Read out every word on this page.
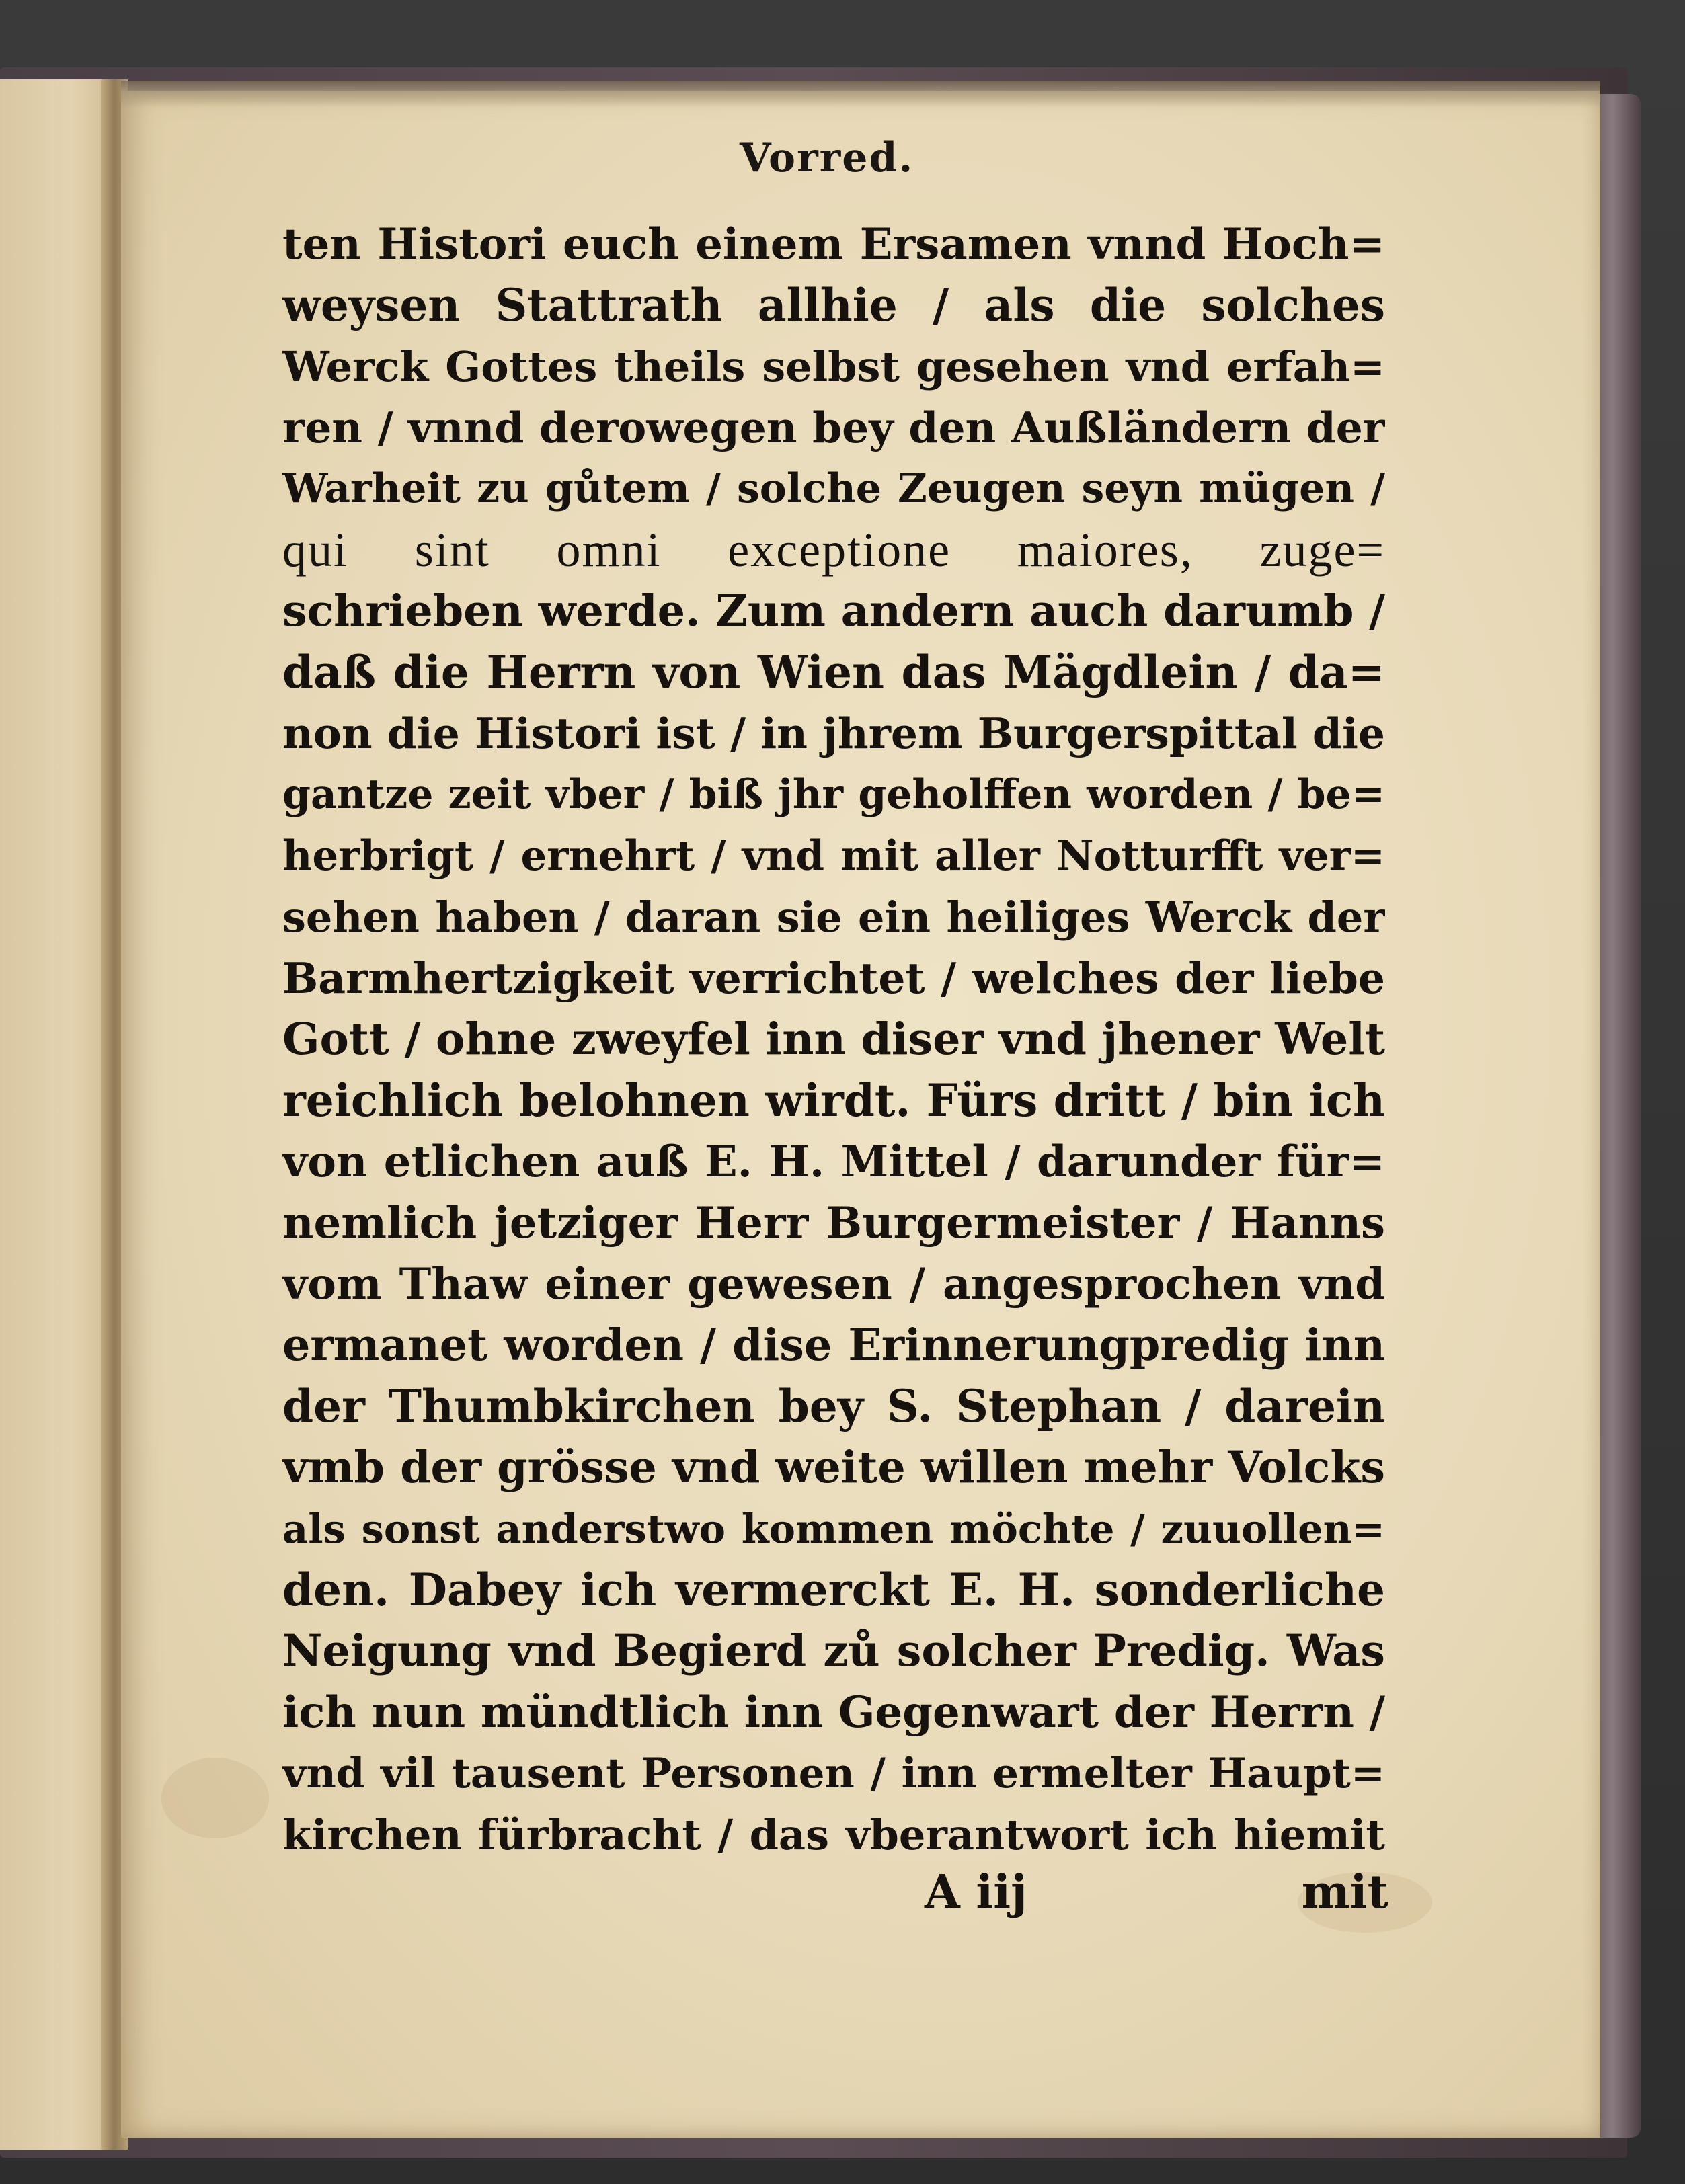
Vorred.
ten Histori euch einem Ersamen vnnd Hoch=
weysen Stattrath allhie / als die solches
Werck Gottes theils selbst gesehen vnd erfah=
ren / vnnd derowegen bey den Außländern der
Warheit zu gůtem / solche Zeugen seyn mügen /
qui sint omni exceptione maiores, zuge=
schrieben werde. Zum andern auch darumb /
daß die Herrn von Wien das Mägdlein / da=
non die Histori ist / in jhrem Burgerspittal die
gantze zeit vber / biß jhr geholffen worden / be=
herbrigt / ernehrt / vnd mit aller Notturfft ver=
sehen haben / daran sie ein heiliges Werck der
Barmhertzigkeit verrichtet / welches der liebe
Gott / ohne zweyfel inn diser vnd jhener Welt
reichlich belohnen wirdt. Fürs dritt / bin ich
von etlichen auß E. H. Mittel / darunder für=
nemlich jetziger Herr Burgermeister / Hanns
vom Thaw einer gewesen / angesprochen vnd
ermanet worden / dise Erinnerungpredig inn
der Thumbkirchen bey S. Stephan / darein
vmb der grösse vnd weite willen mehr Volcks
als sonst anderstwo kommen möchte / zuuollen=
den. Dabey ich vermerckt E. H. sonderliche
Neigung vnd Begierd zů solcher Predig. Was
ich nun mündtlich inn Gegenwart der Herrn /
vnd vil tausent Personen / inn ermelter Haupt=
kirchen fürbracht / das vberantwort ich hiemit
A iij	mit
